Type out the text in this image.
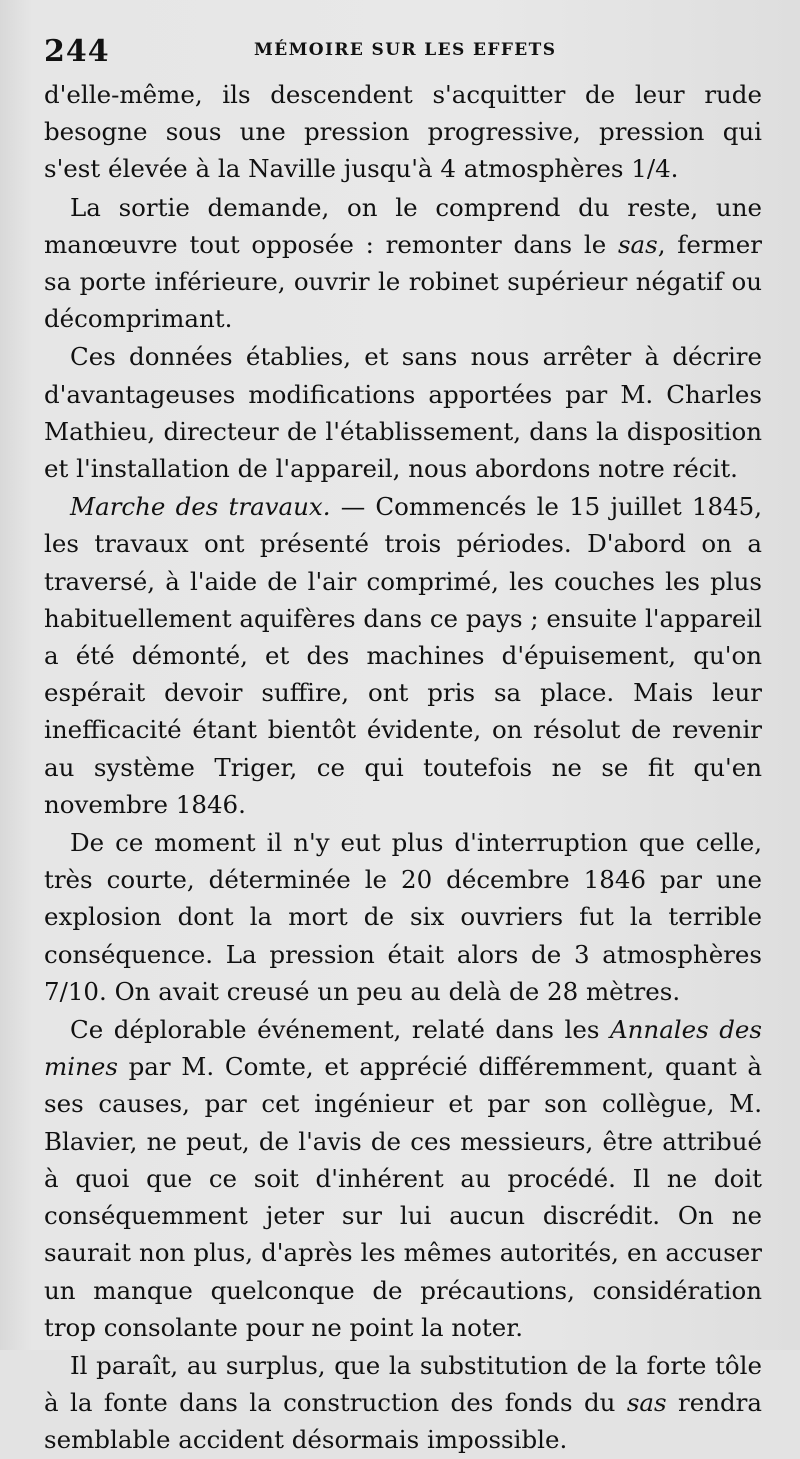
244	MÉMOIRE SUR LES EFFETS

d'elle-même, ils descendent s'acquitter de leur rude besogne sous une pression progressive, pression qui s'est élevée à la Naville jusqu'à 4 atmosphères 1/4.

La sortie demande, on le comprend du reste, une manœuvre tout opposée : remonter dans le sas, fermer sa porte inférieure, ouvrir le robinet supérieur négatif ou décomprimant.

Ces données établies, et sans nous arrêter à décrire d'avantageuses modifications apportées par M. Charles Mathieu, directeur de l'établissement, dans la disposition et l'installation de l'appareil, nous abordons notre récit.

Marche des travaux. — Commencés le 15 juillet 1845, les travaux ont présenté trois périodes. D'abord on a traversé, à l'aide de l'air comprimé, les couches les plus habituellement aquifères dans ce pays ; ensuite l'appareil a été démonté, et des machines d'épuisement, qu'on espérait devoir suffire, ont pris sa place. Mais leur inefficacité étant bientôt évidente, on résolut de revenir au système Triger, ce qui toutefois ne se fit qu'en novembre 1846.

De ce moment il n'y eut plus d'interruption que celle, très courte, déterminée le 20 décembre 1846 par une explosion dont la mort de six ouvriers fut la terrible conséquence. La pression était alors de 3 atmosphères 7/10. On avait creusé un peu au delà de 28 mètres.

Ce déplorable événement, relaté dans les Annales des mines par M. Comte, et apprécié différemment, quant à ses causes, par cet ingénieur et par son collègue, M. Blavier, ne peut, de l'avis de ces messieurs, être attribué à quoi que ce soit d'inhérent au procédé. Il ne doit conséquemment jeter sur lui aucun discrédit. On ne saurait non plus, d'après les mêmes autorités, en accuser un manque quelconque de précautions, considération trop consolante pour ne point la noter.

Il paraît, au surplus, que la substitution de la forte tôle à la fonte dans la construction des fonds du sas rendra semblable accident désormais impossible.
